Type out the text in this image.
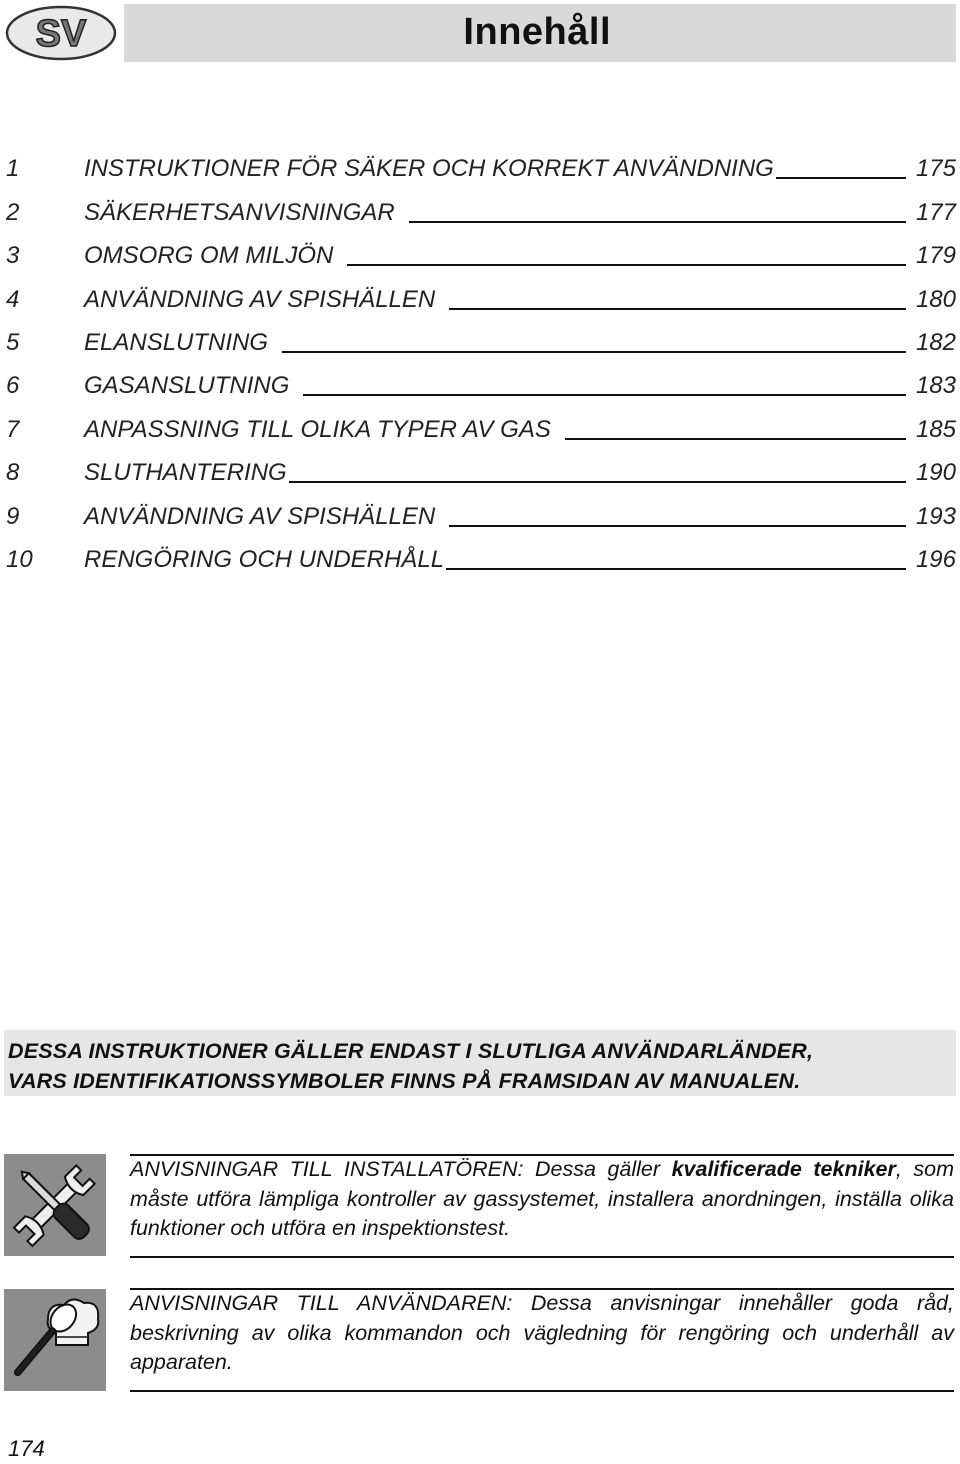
SV	Innehåll
1	INSTRUKTIONER FÖR SÄKER OCH KORREKT ANVÄNDNING	175
2	SÄKERHETSANVISNINGAR	177
3	OMSORG OM MILJÖN	179
4	ANVÄNDNING AV SPISHÄLLEN	180
5	ELANSLUTNING	182
6	GASANSLUTNING	183
7	ANPASSNING TILL OLIKA TYPER AV GAS	185
8	SLUTHANTERING	190
9	ANVÄNDNING AV SPISHÄLLEN	193
10	RENGÖRING OCH UNDERHÅLL	196

DESSA INSTRUKTIONER GÄLLER ENDAST I SLUTLIGA ANVÄNDARLÄNDER,
VARS IDENTIFIKATIONSSYMBOLER FINNS PÅ FRAMSIDAN AV MANUALEN.

ANVISNINGAR TILL INSTALLATÖREN: Dessa gäller kvalificerade tekniker, som måste utföra lämpliga kontroller av gassystemet, installera anordningen, inställa olika funktioner och utföra en inspektionstest.
ANVISNINGAR TILL ANVÄNDAREN: Dessa anvisningar innehåller goda råd, beskrivning av olika kommandon och vägledning för rengöring och underhåll av apparaten.
174
